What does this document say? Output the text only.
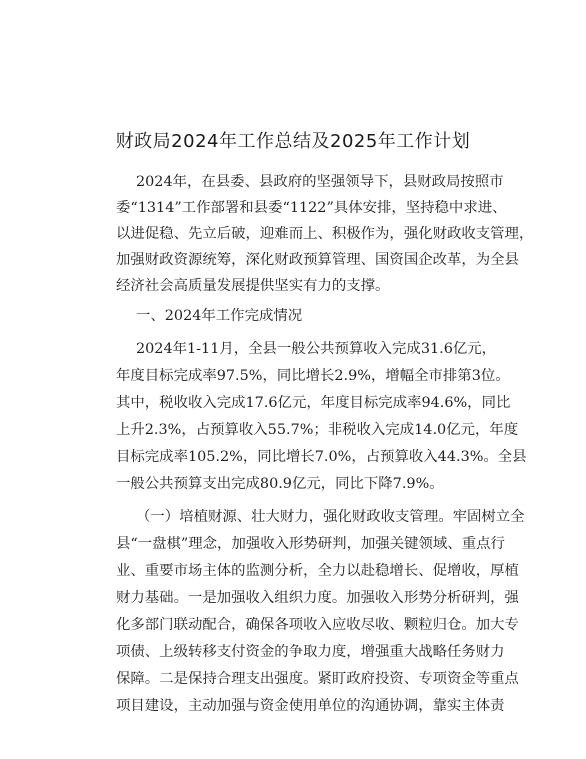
财政局2024年工作总结及2025年工作计划
2024年，在县委、县政府的坚强领导下，县财政局按照市
委“1314”工作部署和县委“1122”具体安排，坚持稳中求进、
以进促稳、先立后破，迎难而上、积极作为，强化财政收支管理，
加强财政资源统筹，深化财政预算管理、国资国企改革，为全县
经济社会高质量发展提供坚实有力的支撑。
一、2024年工作完成情况
2024年1-11月，全县一般公共预算收入完成31.6亿元，
年度目标完成率97.5%，同比增长2.9%，增幅全市排第3位。
其中，税收收入完成17.6亿元，年度目标完成率94.6%，同比
上升2.3%，占预算收入55.7%；非税收入完成14.0亿元，年度
目标完成率105.2%，同比增长7.0%，占预算收入44.3%。全县
一般公共预算支出完成80.9亿元，同比下降7.9%。
（一）培植财源、壮大财力，强化财政收支管理。牢固树立全
县“一盘棋”理念，加强收入形势研判，加强关键领域、重点行
业、重要市场主体的监测分析，全力以赴稳增长、促增收，厚植
财力基础。一是加强收入组织力度。加强收入形势分析研判，强
化多部门联动配合，确保各项收入应收尽收、颗粒归仓。加大专
项债、上级转移支付资金的争取力度，增强重大战略任务财力
保障。二是保持合理支出强度。紧盯政府投资、专项资金等重点
项目建设，主动加强与资金使用单位的沟通协调，靠实主体责
